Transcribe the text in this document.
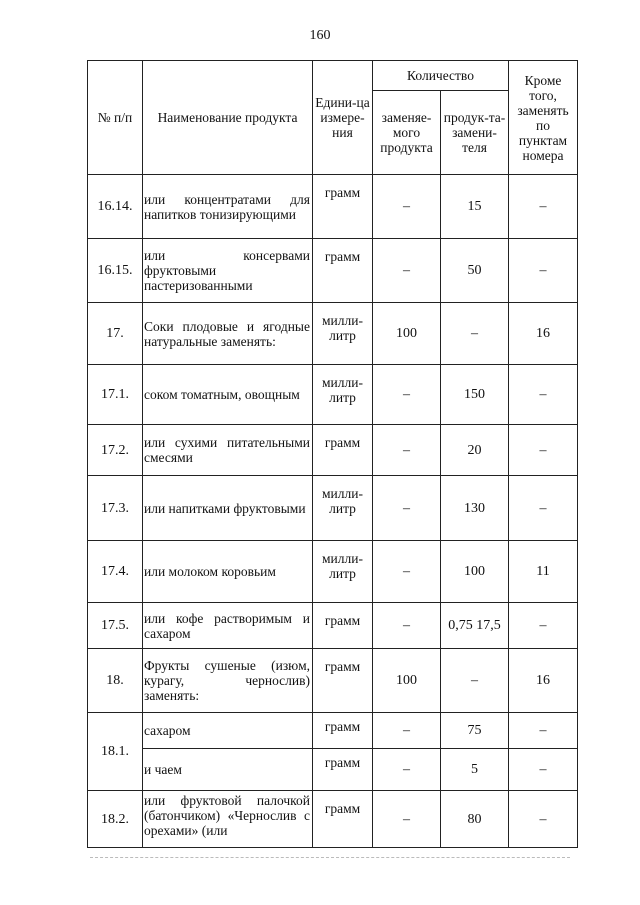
160
№ п/п	Наименование продукта	Едини-ца измере-ния	Количество		Кроме того, заменять по пунктам номера
			заменяе-мого продукта	продук-та-замени-теля	
16.14.	или концентратами для напитков тонизирующими	грамм	–	15	–
16.15.	или консервами фруктовыми пастеризованными	грамм	–	50	–
17.	Соки плодовые и ягодные натуральные заменять:	милли-литр	100	–	16
17.1.	соком томатным, овощным	милли-литр	–	150	–
17.2.	или сухими питательными смесями	грамм	–	20	–
17.3.	или напитками фруктовыми	милли-литр	–	130	–
17.4.	или молоком коровьим	милли-литр	–	100	11
17.5.	или кофе растворимым и сахаром	грамм	–	0,75 17,5	–
18.	Фрукты сушеные (изюм, курагу, чернослив) заменять:	грамм	100	–	16
18.1.	сахаром	грамм	–	75	–
	и чаем	грамм	–	5	–
18.2.	или фруктовой палочкой (батончиком) «Чернослив с орехами» (или	грамм	–	80	–
